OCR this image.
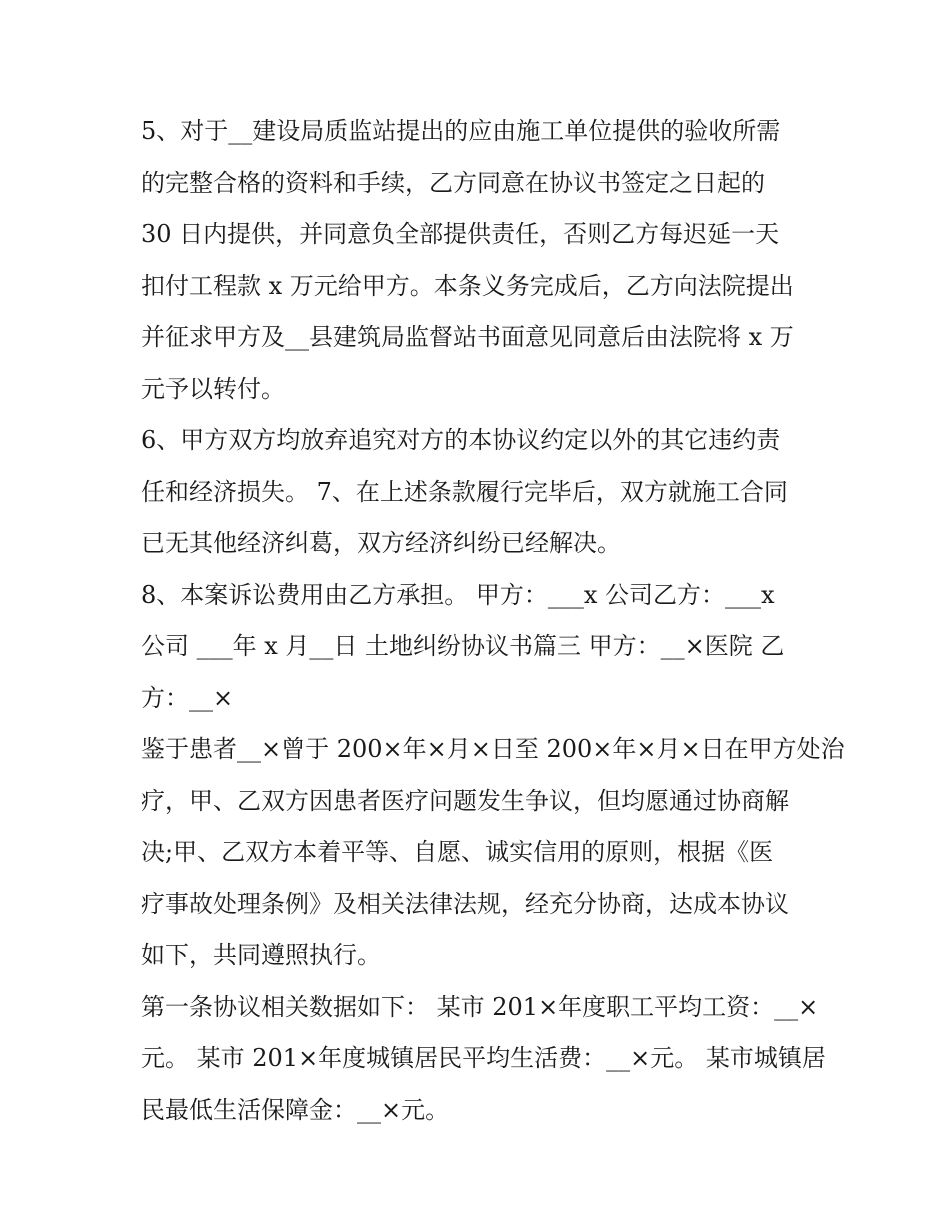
5、对于__建设局质监站提出的应由施工单位提供的验收所需
的完整合格的资料和手续，乙方同意在协议书签定之日起的
30 日内提供，并同意负全部提供责任，否则乙方每迟延一天
扣付工程款 x 万元给甲方。本条义务完成后，乙方向法院提出
并征求甲方及__县建筑局监督站书面意见同意后由法院将 x 万
元予以转付。
6、甲方双方均放弃追究对方的本协议约定以外的其它违约责
任和经济损失。 7、在上述条款履行完毕后，双方就施工合同
已无其他经济纠葛，双方经济纠纷已经解决。
8、本案诉讼费用由乙方承担。 甲方：___x 公司乙方：___x
公司 ___年 x 月__日 土地纠纷协议书篇三 甲方：__×医院 乙
方：__×
鉴于患者__×曾于 200×年×月×日至 200×年×月×日在甲方处治
疗，甲、乙双方因患者医疗问题发生争议，但均愿通过协商解
决;甲、乙双方本着平等、自愿、诚实信用的原则，根据《医
疗事故处理条例》及相关法律法规，经充分协商，达成本协议
如下，共同遵照执行。
第一条协议相关数据如下： 某市 201×年度职工平均工资：__×
元。 某市 201×年度城镇居民平均生活费：__×元。 某市城镇居
民最低生活保障金：__×元。
